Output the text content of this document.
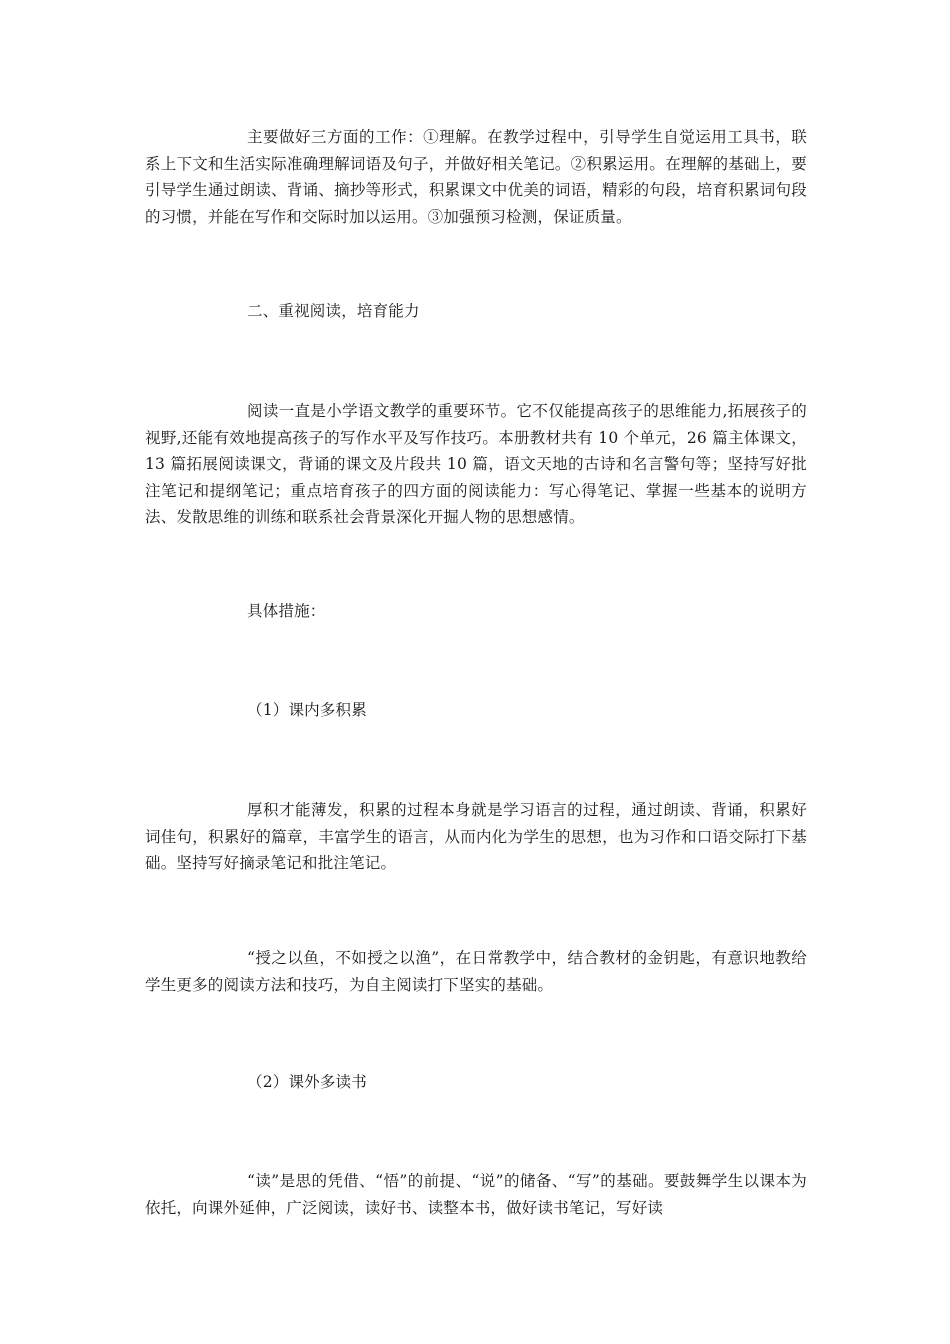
主要做好三方面的工作：①理解。在教学过程中，引导学生自觉运用工具书，联系上下文和生活实际准确理解词语及句子，并做好相关笔记。②积累运用。在理解的基础上，要引导学生通过朗读、背诵、摘抄等形式，积累课文中优美的词语，精彩的句段，培育积累词句段的习惯，并能在写作和交际时加以运用。③加强预习检测，保证质量。

二、重视阅读，培育能力

阅读一直是小学语文教学的重要环节。它不仅能提高孩子的思维能力,拓展孩子的视野,还能有效地提高孩子的写作水平及写作技巧。本册教材共有 10 个单元，26 篇主体课文，13 篇拓展阅读课文，背诵的课文及片段共 10 篇，语文天地的古诗和名言警句等；坚持写好批注笔记和提纲笔记；重点培育孩子的四方面的阅读能力：写心得笔记、掌握一些基本的说明方法、发散思维的训练和联系社会背景深化开掘人物的思想感情。

具体措施：

（1）课内多积累

厚积才能薄发，积累的过程本身就是学习语言的过程，通过朗读、背诵，积累好词佳句，积累好的篇章，丰富学生的语言，从而内化为学生的思想，也为习作和口语交际打下基础。坚持写好摘录笔记和批注笔记。

“授之以鱼，不如授之以渔”，在日常教学中，结合教材的金钥匙，有意识地教给学生更多的阅读方法和技巧，为自主阅读打下坚实的基础。

（2）课外多读书

“读”是思的凭借、“悟”的前提、“说”的储备、“写”的基础。要鼓舞学生以课本为依托，向课外延伸，广泛阅读，读好书、读整本书，做好读书笔记，写好读
